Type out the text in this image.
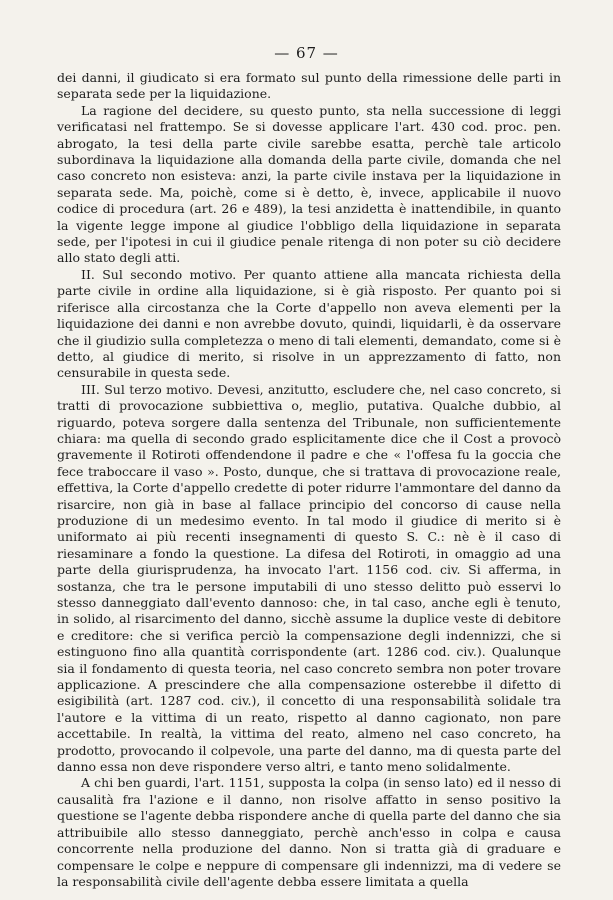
— 67 —

dei danni, il giudicato si era formato sul punto della rimessione delle parti in separata sede per la liquidazione.

La ragione del decidere, su questo punto, sta nella successione di leggi verificatasi nel frattempo. Se si dovesse applicare l'art. 430 cod. proc. pen. abrogato, la tesi della parte civile sarebbe esatta, perchè tale articolo subordinava la liquidazione alla domanda della parte civile, domanda che nel caso concreto non esisteva: anzi, la parte civile instava per la liquidazione in separata sede. Ma, poichè, come si è detto, è, invece, applicabile il nuovo codice di procedura (art. 26 e 489), la tesi anzidetta è inattendibile, in quanto la vigente legge impone al giudice l'obbligo della liquidazione in separata sede, per l'ipotesi in cui il giudice penale ritenga di non poter su ciò decidere allo stato degli atti.

II. Sul secondo motivo. Per quanto attiene alla mancata richiesta della parte civile in ordine alla liquidazione, si è già risposto. Per quanto poi si riferisce alla circostanza che la Corte d'appello non aveva elementi per la liquidazione dei danni e non avrebbe dovuto, quindi, liquidarli, è da osservare che il giudizio sulla completezza o meno di tali elementi, demandato, come si è detto, al giudice di merito, si risolve in un apprezzamento di fatto, non censurabile in questa sede.

III. Sul terzo motivo. Devesi, anzitutto, escludere che, nel caso concreto, si tratti di provocazione subbiettiva o, meglio, putativa. Qualche dubbio, al riguardo, poteva sorgere dalla sentenza del Tribunale, non sufficientemente chiara: ma quella di secondo grado esplicitamente dice che il Cost a provocò gravemente il Rotiroti offendendone il padre e che « l'offesa fu la goccia che fece traboccare il vaso ». Posto, dunque, che si trattava di provocazione reale, effettiva, la Corte d'appello credette di poter ridurre l'ammontare del danno da risarcire, non già in base al fallace principio del concorso di cause nella produzione di un medesimo evento. In tal modo il giudice di merito si è uniformato ai più recenti insegnamenti di questo S. C.: nè è il caso di riesaminare a fondo la questione. La difesa del Rotiroti, in omaggio ad una parte della giurisprudenza, ha invocato l'art. 1156 cod. civ. Si afferma, in sostanza, che tra le persone imputabili di uno stesso delitto può esservi lo stesso danneggiato dall'evento dannoso: che, in tal caso, anche egli è tenuto, in solido, al risarcimento del danno, sicchè assume la duplice veste di debitore e creditore: che si verifica perciò la compensazione degli indennizzi, che si estinguono fino alla quantità corrispondente (art. 1286 cod. civ.). Qualunque sia il fondamento di questa teoria, nel caso concreto sembra non poter trovare applicazione. A prescindere che alla compensazione osterebbe il difetto di esigibilità (art. 1287 cod. civ.), il concetto di una responsabilità solidale tra l'autore e la vittima di un reato, rispetto al danno cagionato, non pare accettabile. In realtà, la vittima del reato, almeno nel caso concreto, ha prodotto, provocando il colpevole, una parte del danno, ma di questa parte del danno essa non deve rispondere verso altri, e tanto meno solidalmente.

A chi ben guardi, l'art. 1151, supposta la colpa (in senso lato) ed il nesso di causalità fra l'azione e il danno, non risolve affatto in senso positivo la questione se l'agente debba rispondere anche di quella parte del danno che sia attribuibile allo stesso danneggiato, perchè anch'esso in colpa e causa concorrente nella produzione del danno. Non si tratta già di graduare e compensare le colpe e neppure di compensare gli indennizzi, ma di vedere se la responsabilità civile dell'agente debba essere limitata a quella
